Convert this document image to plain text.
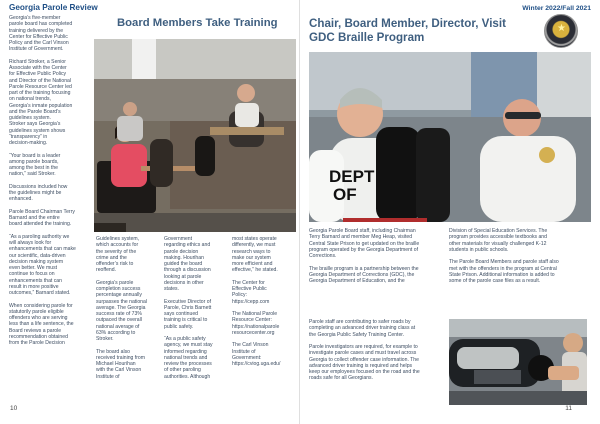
Georgia Parole Review
Board Members Take Training
Georgia’s five-member
parole board has completed
training delivered by the
Center for Effective Public
Policy and the Carl Vinson
Institute of Government.

Richard Stroker, a Senior
Associate with the Center
for Effective Public Policy
and Director of the National
Parole Resource Center led
part of the training focusing
on national trends,
Georgia’s inmate population
and the Parole Board’s
guidelines system.
Stroker says Georgia’s
guidelines system shows
“transparency” in
decision-making.

“Your board is a leader
among parole boards,
among the best in the
nation,” said Stroker.

Discussions included how
the guidelines might be
enhanced.

Parole Board Chairman Terry
Barnard and the entire
board attended the training.

“As a paroling authority we
will always look for
enhancements that can make
our scientific, data-driven
decision making system
even better. We must
continue to focus on
enhancements that can
result in more positive
outcomes,” Barnard stated.

When considering parole for
statutorily parole eligible
offenders who are serving
less than a life sentence, the
Board reviews a parole
recommendation obtained
from the Parole Decision
Guidelines system,
which accounts for
the severity of the
crime and the
offender’s risk to
reoffend.

Georgia’s parole
completion success
percentage annually
surpasses the national
average. The Georgia
success rate of 73%
outpaced the overall
national average of
63% according to
Stroker.

The board also
received training from
Michael Hourihan
with the Carl Vinson
Institute of
Government
regarding ethics and
parole decision
making. Hourihan
guided the board
through a discussion
looking at parole
decisions in other
states.

Executive Director of
Parole, Chris Barnett
says continued
training is critical to
public safety.

“As a public safety
agency, we must stay
informed regarding
national trends and
review the processes
of other paroling
authorities. Although
most states operate
differently, we must
research ways to
make our system
more efficient and
effective,” he stated.

The Center for
Effective Public
Policy:
https://cepp.com

The National Parole
Resource Center:
https://nationalparole
resourcecenter.org

The Carl Vinson
Institute of
Government:
https://cviog.uga.edu/
10
Winter 2022/Fall 2021
Chair, Board Member, Director, Visit
GDC Braille Program
★
DEPT
OF
Georgia Parole Board staff, including Chairman
Terry Barnard and member Meg Heap, visited
Central State Prison to get updated on the braille
program operated by the Georgia Department of
Corrections.

The braille program is a partnership between the
Georgia Department of Corrections (GDC), the
Georgia Department of Education, and the
Division of Special Education Services. The
program provides accessible textbooks and
other materials for visually challenged K-12
students in public schools.

The Parole Board Members and parole staff also
met with the offenders in the program at Central
State Prison. Additional information is added to
some of the parole case files as a result.
Parole staff are contributing to safer roads by
completing an advanced driver training class at
the Georgia Public Safety Training Center.

Parole investigators are required, for example to
investigate parole cases and must travel across
Georgia to collect offender case information. The
advanced driver training is required and helps
keep our employees focused on the road and the
roads safe for all Georgians.
11
